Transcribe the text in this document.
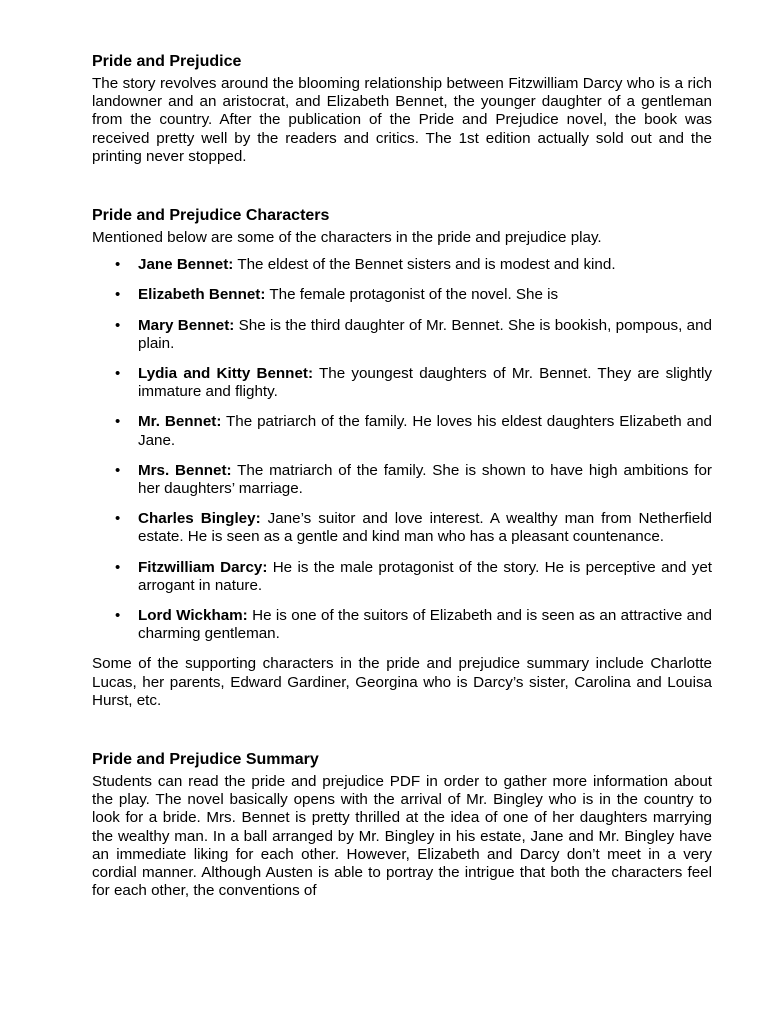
Pride and Prejudice

The story revolves around the blooming relationship between Fitzwilliam Darcy who is a rich landowner and an aristocrat, and Elizabeth Bennet, the younger daughter of a gentleman from the country. After the publication of the Pride and Prejudice novel, the book was received pretty well by the readers and critics. The 1st edition actually sold out and the printing never stopped.

Pride and Prejudice Characters

Mentioned below are some of the characters in the pride and prejudice play.

• Jane Bennet: The eldest of the Bennet sisters and is modest and kind.
• Elizabeth Bennet: The female protagonist of the novel. She is
• Mary Bennet: She is the third daughter of Mr. Bennet. She is bookish, pompous, and plain.
• Lydia and Kitty Bennet: The youngest daughters of Mr. Bennet. They are slightly immature and flighty.
• Mr. Bennet: The patriarch of the family. He loves his eldest daughters Elizabeth and Jane.
• Mrs. Bennet: The matriarch of the family. She is shown to have high ambitions for her daughters’ marriage.
• Charles Bingley: Jane’s suitor and love interest. A wealthy man from Netherfield estate. He is seen as a gentle and kind man who has a pleasant countenance.
• Fitzwilliam Darcy: He is the male protagonist of the story. He is perceptive and yet arrogant in nature.
• Lord Wickham: He is one of the suitors of Elizabeth and is seen as an attractive and charming gentleman.

Some of the supporting characters in the pride and prejudice summary include Charlotte Lucas, her parents, Edward Gardiner, Georgina who is Darcy’s sister, Carolina and Louisa Hurst, etc.

Pride and Prejudice Summary

Students can read the pride and prejudice PDF in order to gather more information about the play. The novel basically opens with the arrival of Mr. Bingley who is in the country to look for a bride. Mrs. Bennet is pretty thrilled at the idea of one of her daughters marrying the wealthy man. In a ball arranged by Mr. Bingley in his estate, Jane and Mr. Bingley have an immediate liking for each other. However, Elizabeth and Darcy don’t meet in a very cordial manner. Although Austen is able to portray the intrigue that both the characters feel for each other, the conventions of
